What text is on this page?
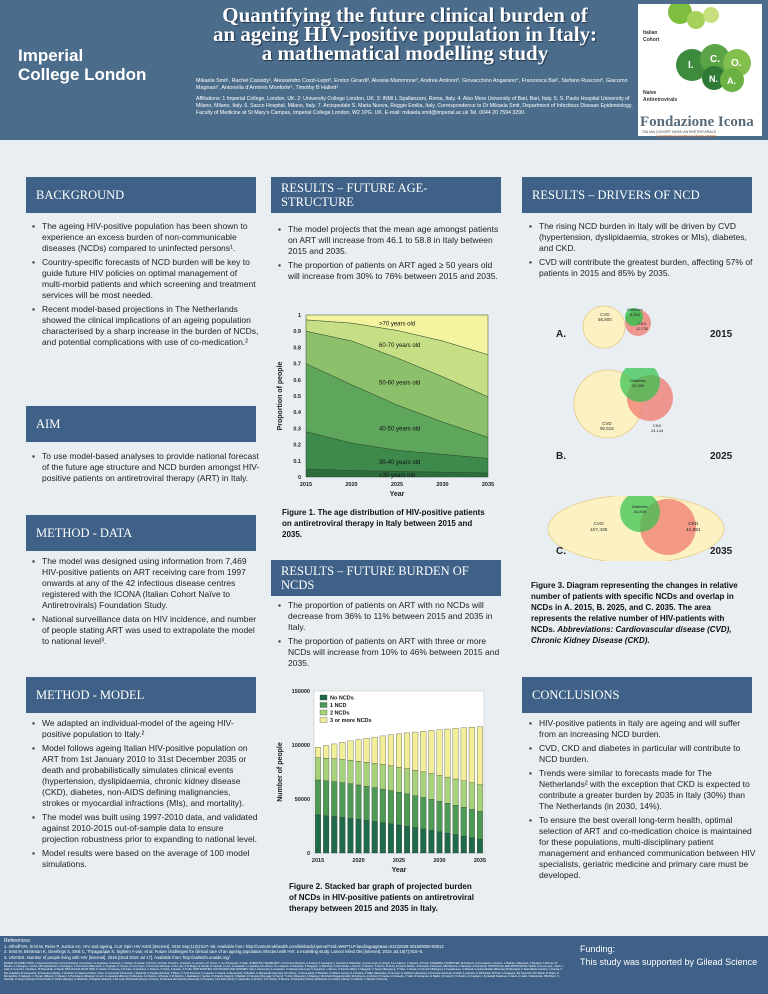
Imperial College London
Quantifying the future clinical burden of
an ageing HIV-positive population in Italy:
a mathematical modelling study
Mikaela Smit¹, Rachel Cassidy¹, Alessandro Cozzi-Lepri², Enrico Girardi³, Alessia Mammone³, Andrea Antinori³, Giovacchino Angarano⁴, Francesca Bai⁵, Stefano Rusconi⁶, Giacomo Magnani⁷, Antonella d'Arminio Monforte⁵, Timothy B Hallett¹
Affiliations: 1 Imperial College, London, UK. 2: University College London, UK. 3: INMI L Spallanzani, Roma, Italy. 4. Also Moro University of Bari, Bari, Italy. 5. S. Paolo Hospital University of Milano, Milano, Italy. 6. Sacco Hospital, Milano, Italy. 7. Arcispedale S. Maria Nuova, Reggio Emilia, Italy. Correspondence to Dr Mikaela Smit, Department of Infectious Disease Epidemiology, Faculty of Medicine at St Mary's Campus, Imperial College London, W2 1PG. UK. E-mail: mikaela.smit@imperial.ac.uk Tel. 0044 20 7594 3290.
Italian
Cohort
Naive
Antiretrovirals
I.
C. O.
N. A.
Fondazione Icona
ITALIAN COHORT NAIVE ANTIRETROVIRALS
Conceived by Professor Mauro Moroni
BACKGROUND
▪ The ageing HIV-positive population has been shown to experience an excess burden of non-communicable diseases (NCDs) compared to uninfected persons¹.
▪ Country-specific forecasts of NCD burden will be key to guide future HIV policies on optimal management of multi-morbid patients and which screening and treatment services will be most needed.
▪ Recent model-based projections in The Netherlands showed the clinical implications of an ageing population characterised by a sharp increase in the burden of NCDs, and potential complications with use of co-medication.²
AIM
▪ To use model-based analyses to provide national forecast of the future age structure and NCD burden amongst HIV-positive patients on antiretroviral therapy (ART) in Italy.
METHOD - DATA
▪ The model was designed using information from 7,469 HIV-positive patients on ART receiving care from 1997 onwards at any of the 42 infectious disease centres registered with the ICONA (Italian Cohort Naïve to Antiretrovirals) Foundation Study.
▪ National surveillance data on HIV incidence, and number of people stating ART was used to extrapolate the model to national level³.
METHOD - MODEL
▪ We adapted an individual-model of the ageing HIV-positive population to Italy.²
▪ Model follows ageing Italian HIV-positive population on ART from 1st January 2010 to 31st December 2035 or death and probabilistically simulates clinical events (hypertension, dyslipidaemia, chronic kidney disease (CKD), diabetes, non-AIDS defining malignancies, strokes or myocardial infractions (MIs), and mortality).
▪ The model was built using 1997-2010 data, and validated against 2010-2015 out-of-sample data to ensure projection robustness prior to expanding to national level.
▪ Model results were based on the average of 100 model simulations.
RESULTS – FUTURE AGE-STRUCTURE
▪ The model projects that the mean age amongst patients on ART will increase from 46.1 to 58.8 in Italy between 2015 and 2035.
▪ The proportion of patients on ART aged ≥ 50 years old will increase from 30% to 76% between 2015 and 2035.
<30 years old
30-40 years old
40-50 years old
50-60 years old
60-70 years old
>70 years old
0
0.1
0.2
0.3
0.4
0.5
0.6
0.7
0.8
0.9
1
2015	2020	2025	2030	2035
Year
Proportion of people
Figure 1. The age distribution of HIV-positive patients on antiretroviral therapy in Italy between 2015 and 2035.
RESULTS – FUTURE BURDEN OF NCDS
▪ The proportion of patients on ART with no NCDs will decrease from 36% to 11% between 2015 and 2035 in Italy.
▪ The proportion of patients on ART with three or more NCDs will increase from 10% to 46% between 2015 and 2035.
0
50000
100000
150000
2015	2020	2025	2030	2035
Year
Number of people
No NCDs
1 NCD
2 NCDs
3 or more NCDs
Figure 2. Stacked bar graph of projected burden of NCDs in HIV-positive patients on antiretroviral therapy between 2015 and 2035 in Italy.
RESULTS – DRIVERS OF NCD
▪ The rising NCD burden in Italy will be driven by CVD (hypertension, dyslipidaemia, strokes or MIs), diabetes, and CKD.
▪ CVD will contribute the greatest burden, affecting 57% of patients in 2015 and 85% by 2035.
CVD
55,800
Diabetes
8,363
CKD
12,730
A.	2015
CVD
90,515
Diabetes
22,989
CKD
24,144
B.	2025
CVD
107,435
Diabetes
34,805
CKD
41,851
C.	2035
Figure 3. Diagram representing the changes in relative number of patients with specific NCDs and overlap in NCDs in A. 2015, B. 2025, and C. 2035. The area represents the relative number of HIV-patients with NCDs. Abbreviations: Cardiovascular disease (CVD), Chronic Kidney Disease (CKD).
CONCLUSIONS
▪ HIV-positive patients in Italy are ageing and will suffer from an increasing NCD burden.
▪ CVD, CKD and diabetes in particular will contribute to NCD burden.
▪ Trends were similar to forecasts made for The Netherlands² with the exception that CKD is expected to contribute a greater burden by 2035 in Italy (30%) than The Netherlands (in 2030, 14%).
▪ To ensure the best overall long-term health, optimal selection of ART and co-medication choice is maintained for these populations, multi-disciplinary patient management and enhanced communication between HIV specialists, geriatric medicine and primary care must be developed.
References:
1. Althoff KN, Smit M, Reiss P, Justice AC. HIV and ageing. Curr Opin HIV AIDS [Internet]. 2016 Sep;11(5):527–36. Available from: http://content.wkhealth.com/linkback/openurl?sid=WKPTLP:landingpage&an=01222929-201609000-00012
2. Smit M, Brinkman K, Geerlings S, Smit C, Thyagarajan K, Sighem A van, et al. Future challenges for clinical care of an ageing population infected with HIV: a modelling study. Lancet Infect Dis [Internet]. 2015 Jul;15(7):810–8.
3. UNAIDS. Number of people living with HIV [Internet]. 2015 [cited 2016 Jul 17]. Available from: http://aidsinfo.unaids.org/
BOARD OF DIRECTORS: A d'Arminio Monforte (Vice-President), M Andreoni, G Angarano, A Antinori, F Castelli, R Cauda, G Di Perri, M Galli, R Iardino, G Ippolito, A Lazzarin, CF Perno, F von Schloesser, P Viale. SCIENTIFIC SECRETARY: A d'Arminio Monforte, A Antinori, A Castagna, F Ceccherini-Silberstein, A Cozzi-Lepri, E Girardi, S Lo Caputo, C Mussini, M Puoti. STEERING COMMITTEE: M Andreoni, A Ammassari, A Antinori, C Balotta, A Bandera, P Bonfanti, S Bonora, M Borderi, A Calcagno, L Calza, MR Capobianchi, A Castagna, F Ceccherini-Silberstein, A Cingolani, P Cinque, A Cozzi-Lepri, A d'Arminio Monforte, A De Luca, A Di Biagio, E Girardi, N Gianotti, A Gori, G Guaraldi, G Lapadula, M Lichtner, S Lo Caputo, G Madeddu, F Maggiolo, G Marchetti, S Marcotullio, L Monno, C Mussini, S Nozza, M Puoti, E Quiros Roldan, R Rossotti, S Rusconi, MM Santoro, A Saracino, M Zaccarelli. STATISTICAL AND MONITORING TEAM: A Cozzi-Lepri, I Fanti, L Galli, P Lorenzini, A Rodano, M Shanyinde, A Tavelli. BIOLOGICAL BANK INMI: F Carletti, S Carrara, A Di Caro, S Graziano, F Petrone, G Prota, S Quartu, S Truffa. PARTICIPATING PHYSICIANS AND CENTERS: Italy A Giacometti, A Costantini, C Valeriani (Ancona); G Angarano, L Monno, C Santoro (Bari); F Maggiolo, C Suardi (Bergamo); P Viale, V Donati, G Verucchi (Bologna); F Castelnuovo, C Minardi, E Quiros Roldan (Brescia); B Menzaghi, C Abeli (Busto Arsizio); L Chessa, F Pes (Cagliari); B Cacopardo, B Celesia (Catania); J Vecchiet, K Falasca (Chieti); A Pan, S Lorenzotti (Cremona); L Sighinolfi, D Segala (Ferrara); P Blanc, F Vichi (Firenze); G Cassola, C Viscoli, A Alessandrini, N Bobbio, G Mazzarello (Genova); M Lichtner, S Vita (Latina); P Bonfanti, C Molteni (Lecco); A Chiodera, P Milini (Macerata); G Nunnari, G Pellicanò (Messina); A d'Arminio Monforte, M Galli, A Lazzarin, G Rizzardini, M Puoti, A Castagna, ES Cannizzo, MC Moioli, R Piolini, D Bernacchia, S Salpietro, C Tincati, (Milano); C Mussini, C Puzzolante (Modena); A Gori, G Lapadula (Monza); N Abrescia, A Chirianni, G Borgia, F Di Martino, L Maddaloni, I Gentile, R Orlando (Napoli); F Baldelli, D Francisci (Perugia); G Parruti, T Ursini (Pescara); G Magnani, MA Ursitti (Reggio Emilia); M Andreoni, A Antinori, R Cauda, A Cristaudo, V Vullo, R Acinapura, G Baldin, M Capozzi, S Cicalini, A Cingolani, L Fontanelli Sulekova, G Iaiani, A Latini, I Mastrorosa, MM Plazzi, S Savinelli, A Vergori (Roma); M Cecchetto, F Viviani (Rovigo); G Madeddu, P Bagella (Sassari); A De Luca, B Rossetti (Siena); A Franco, R Fontana Del Vecchio (Siracusa); D Francisci, C Di Giuli (Terni); P Caramello, G Di Perri, GC Orofino, S Bonora, M Sciandra (Torino); M Bassetti, A Londero (Udine); G Pellizzer, V Manfrin (Vicenza).
Funding:
This study was supported by Gilead Science
